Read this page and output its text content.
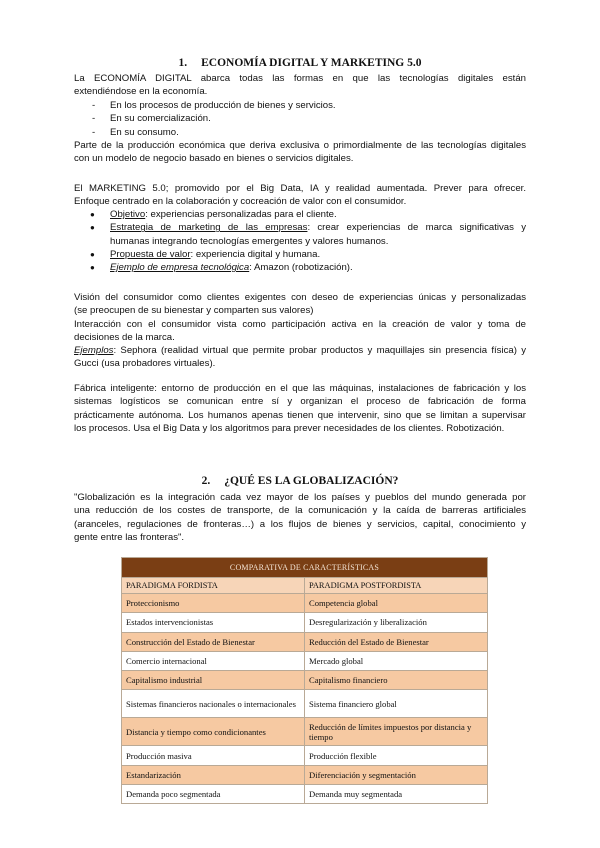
1. ECONOMÍA DIGITAL Y MARKETING 5.0
La ECONOMÍA DIGITAL abarca todas las formas en que las tecnologías digitales están
extendiéndose en la economía.
- En los procesos de producción de bienes y servicios.
- En su comercialización.
- En su consumo.
Parte de la producción económica que deriva exclusiva o primordialmente de las tecnologías digitales
con un modelo de negocio basado en bienes o servicios digitales.
El MARKETING 5.0; promovido por el Big Data, IA y realidad aumentada. Prever para ofrecer.
Enfoque centrado en la colaboración y cocreación de valor con el consumidor.
● Objetivo: experiencias personalizadas para el cliente.
● Estrategia de marketing de las empresas: crear experiencias de marca significativas y
humanas integrando tecnologías emergentes y valores humanos.
● Propuesta de valor: experiencia digital y humana.
● Ejemplo de empresa tecnológica: Amazon (robotización).
Visión del consumidor como clientes exigentes con deseo de experiencias únicas y personalizadas
(se preocupen de su bienestar y comparten sus valores)
Interacción con el consumidor vista como participación activa en la creación de valor y toma de
decisiones de la marca.
Ejemplos: Sephora (realidad virtual que permite probar productos y maquillajes sin presencia física) y
Gucci (usa probadores virtuales).
Fábrica inteligente: entorno de producción en el que las máquinas, instalaciones de fabricación y los
sistemas logísticos se comunican entre sí y organizan el proceso de fabricación de forma
prácticamente autónoma. Los humanos apenas tienen que intervenir, sino que se limitan a supervisar
los procesos. Usa el Big Data y los algoritmos para prever necesidades de los clientes. Robotización.
2. ¿QUÉ ES LA GLOBALIZACIÓN?
"Globalización es la integración cada vez mayor de los países y pueblos del mundo generada por
una reducción de los costes de transporte, de la comunicación y la caída de barreras artificiales
(aranceles, regulaciones de fronteras…) a los flujos de bienes y servicios, capital, conocimiento y
gente entre las fronteras".
COMPARATIVA DE CARACTERÍSTICAS	
PARADIGMA FORDISTA	PARADIGMA POSTFORDISTA
Proteccionismo	Competencia global
Estados intervencionistas	Desregularización y liberalización
Construcción del Estado de Bienestar	Reducción del Estado de Bienestar
Comercio internacional	Mercado global
Capitalismo industrial	Capitalismo financiero
Sistemas financieros nacionales o internacionales	Sistema financiero global
Distancia y tiempo como condicionantes	Reducción de límites impuestos por distancia y tiempo
Producción masiva	Producción flexible
Estandarización	Diferenciación y segmentación
Demanda poco segmentada	Demanda muy segmentada
